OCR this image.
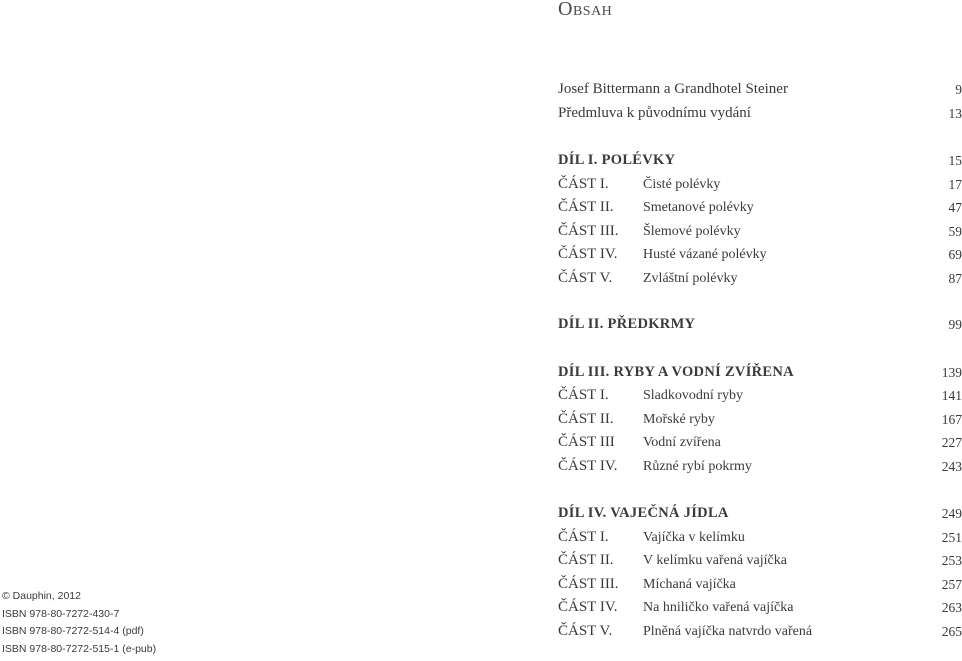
Obsah
Josef Bittermann a Grandhotel Steiner	9
Předmluva k původnímu vydání	13
DÍL I. POLÉVKY	15
ČÁST I. Čisté polévky	17
ČÁST II. Smetanové polévky	47
ČÁST III. Šlemové polévky	59
ČÁST IV. Husté vázané polévky	69
ČÁST V. Zvláštní polévky	87
DÍL II. PŘEDKRMY	99
DÍL III. RYBY A VODNÍ ZVÍŘENA	139
ČÁST I. Sladkovodní ryby	141
ČÁST II. Mořské ryby	167
ČÁST III Vodní zvířena	227
ČÁST IV. Různé rybí pokrmy	243
DÍL IV. VAJEČNÁ JÍDLA	249
ČÁST I. Vajíčka v kelímku	251
ČÁST II. V kelímku vařená vajíčka	253
ČÁST III. Míchaná vajíčka	257
ČÁST IV. Na hniličko vařená vajíčka	263
ČÁST V. Plněná vajíčka natvrdo vařená	265
© Dauphin, 2012
ISBN 978-80-7272-430-7
ISBN 978-80-7272-514-4 (pdf)
ISBN 978-80-7272-515-1 (e-pub)
